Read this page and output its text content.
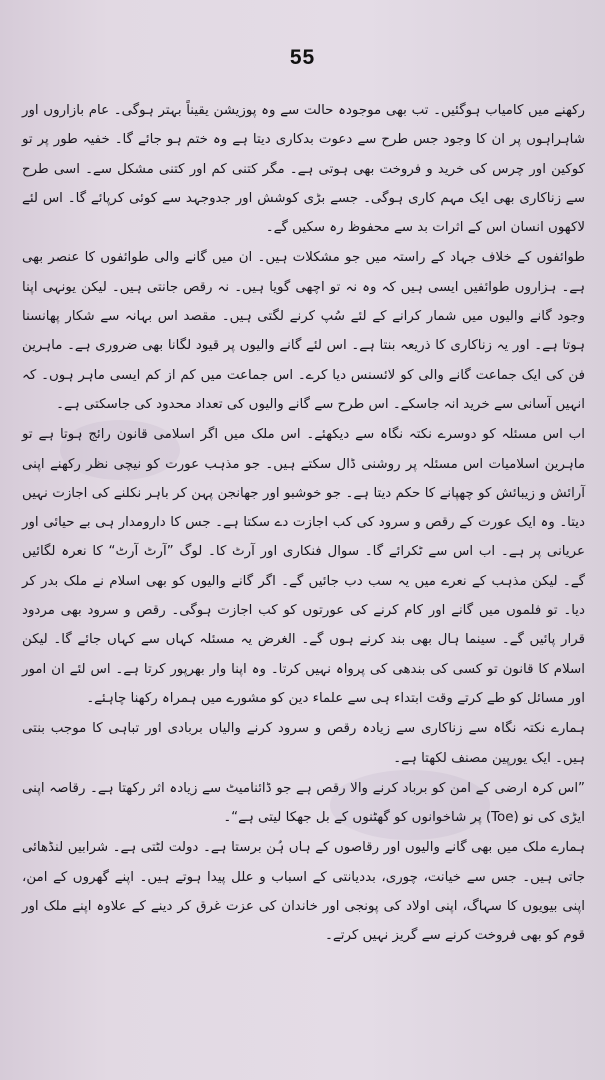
55

رکھنے میں کامیاب ہوگئیں۔ تب بھی موجودہ حالت سے وہ پوزیشن یقیناً بہتر ہوگی۔ عام بازاروں اور شاہراہوں پر ان کا وجود جس طرح سے دعوت بدکاری دیتا ہے وہ ختم ہو جائے گا۔ خفیہ طور پر تو کوکین اور چرس کی خرید و فروخت بھی ہوتی ہے۔ مگر کتنی کم اور کتنی مشکل سے۔ اسی طرح سے زناکاری بھی ایک مہم کاری ہوگی۔ جسے بڑی کوشش اور جدوجہد سے کوئی کرپائے گا۔ اس لئے لاکھوں انسان اس کے اثرات بد سے محفوظ رہ سکیں گے۔

طوائفوں کے خلاف جہاد کے راستہ میں جو مشکلات ہیں۔ ان میں گانے والی طوائفوں کا عنصر بھی ہے۔ ہزاروں طوائفیں ایسی ہیں کہ وہ نہ تو اچھی گویا ہیں۔ نہ رقص جانتی ہیں۔ لیکن یونہی اپنا وجود گانے والیوں میں شمار کرانے کے لئے سُپ کرنے لگتی ہیں۔ مقصد اس بہانہ سے شکار پھانسنا ہوتا ہے۔ اور یہ زناکاری کا ذریعہ بنتا ہے۔ اس لئے گانے والیوں پر قیود لگانا بھی ضروری ہے۔ ماہرین فن کی ایک جماعت گانے والی کو لائسنس دیا کرے۔ اس جماعت میں کم از کم ایسی ماہر ہوں۔ کہ انہیں آسانی سے خرید انہ جاسکے۔ اس طرح سے گانے والیوں کی تعداد محدود کی جاسکتی ہے۔

اب اس مسئلہ کو دوسرے نکتہ نگاہ سے دیکھئے۔ اس ملک میں اگر اسلامی قانون رائج ہوتا ہے تو ماہرین اسلامیات اس مسئلہ پر روشنی ڈال سکتے ہیں۔ جو مذہب عورت کو نیچی نظر رکھنے اپنی آرائش و زیبائش کو چھپانے کا حکم دیتا ہے۔ جو خوشبو اور جھانجن پہن کر باہر نکلنے کی اجازت نہیں دیتا۔ وہ ایک عورت کے رقص و سرود کی کب اجازت دے سکتا ہے۔ جس کا دارومدار ہی بے حیائی اور عریانی پر ہے۔ اب اس سے ٹکرائے گا۔ سوال فنکاری اور آرٹ کا۔ لوگ ”آرٹ آرٹ“ کا نعرہ لگائیں گے۔ لیکن مذہب کے نعرے میں یہ سب دب جائیں گے۔ اگر گانے والیوں کو بھی اسلام نے ملک بدر کر دیا۔ تو فلموں میں گانے اور کام کرنے کی عورتوں کو کب اجازت ہوگی۔ رقص و سرود بھی مردود قرار پائیں گے۔ سینما ہال بھی بند کرنے ہوں گے۔ الغرض یہ مسئلہ کہاں سے کہاں جائے گا۔ لیکن اسلام کا قانون تو کسی کی بندھی کی پرواہ نہیں کرتا۔ وہ اپنا وار بھرپور کرتا ہے۔ اس لئے ان امور اور مسائل کو طے کرتے وقت ابتداء ہی سے علماء دین کو مشورے میں ہمراہ رکھنا چاہئے۔

ہمارے نکتہ نگاہ سے زناکاری سے زیادہ رقص و سرود کرنے والیاں بربادی اور تباہی کا موجب بنتی ہیں۔ ایک یورپین مصنف لکھتا ہے۔

”اس کرہ ارضی کے امن کو برباد کرنے والا رقص ہے جو ڈائنامیٹ سے زیادہ اثر رکھتا ہے۔ رقاصہ اپنی ایڑی کی نو (Toe) پر شاخوانوں کو گھٹنوں کے بل جھکا لیتی ہے“۔

ہمارے ملک میں بھی گانے والیوں اور رقاصوں کے ہاں ہُن برستا ہے۔ دولت لٹتی ہے۔ شرابیں لنڈھائی جاتی ہیں۔ جس سے خیانت، چوری، بددیانتی کے اسباب و علل پیدا ہوتے ہیں۔ اپنے گھروں کے امن، اپنی بیویوں کا سہاگ، اپنی اولاد کی پونجی اور خاندان کی عزت غرق کر دینے کے علاوہ اپنے ملک اور قوم کو بھی فروخت کرنے سے گریز نہیں کرتے۔
